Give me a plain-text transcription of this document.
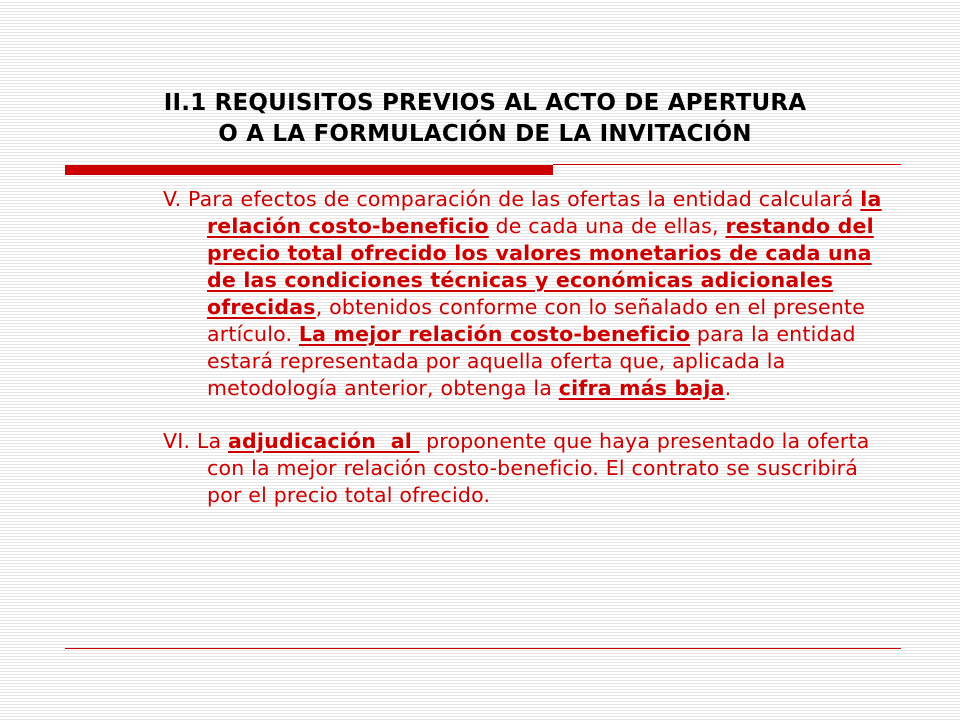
II.1 REQUISITOS PREVIOS AL ACTO DE APERTURA
O A LA FORMULACIÓN DE LA INVITACIÓN

V. Para efectos de comparación de las ofertas la entidad calculará la relación costo-beneficio de cada una de ellas, restando del precio total ofrecido los valores monetarios de cada una de las condiciones técnicas y económicas adicionales ofrecidas, obtenidos conforme con lo señalado en el presente artículo. La mejor relación costo-beneficio para la entidad estará representada por aquella oferta que, aplicada la metodología anterior, obtenga la cifra más baja.

VI. La adjudicación  al  proponente que haya presentado la oferta con la mejor relación costo-beneficio. El contrato se suscribirá por el precio total ofrecido.
